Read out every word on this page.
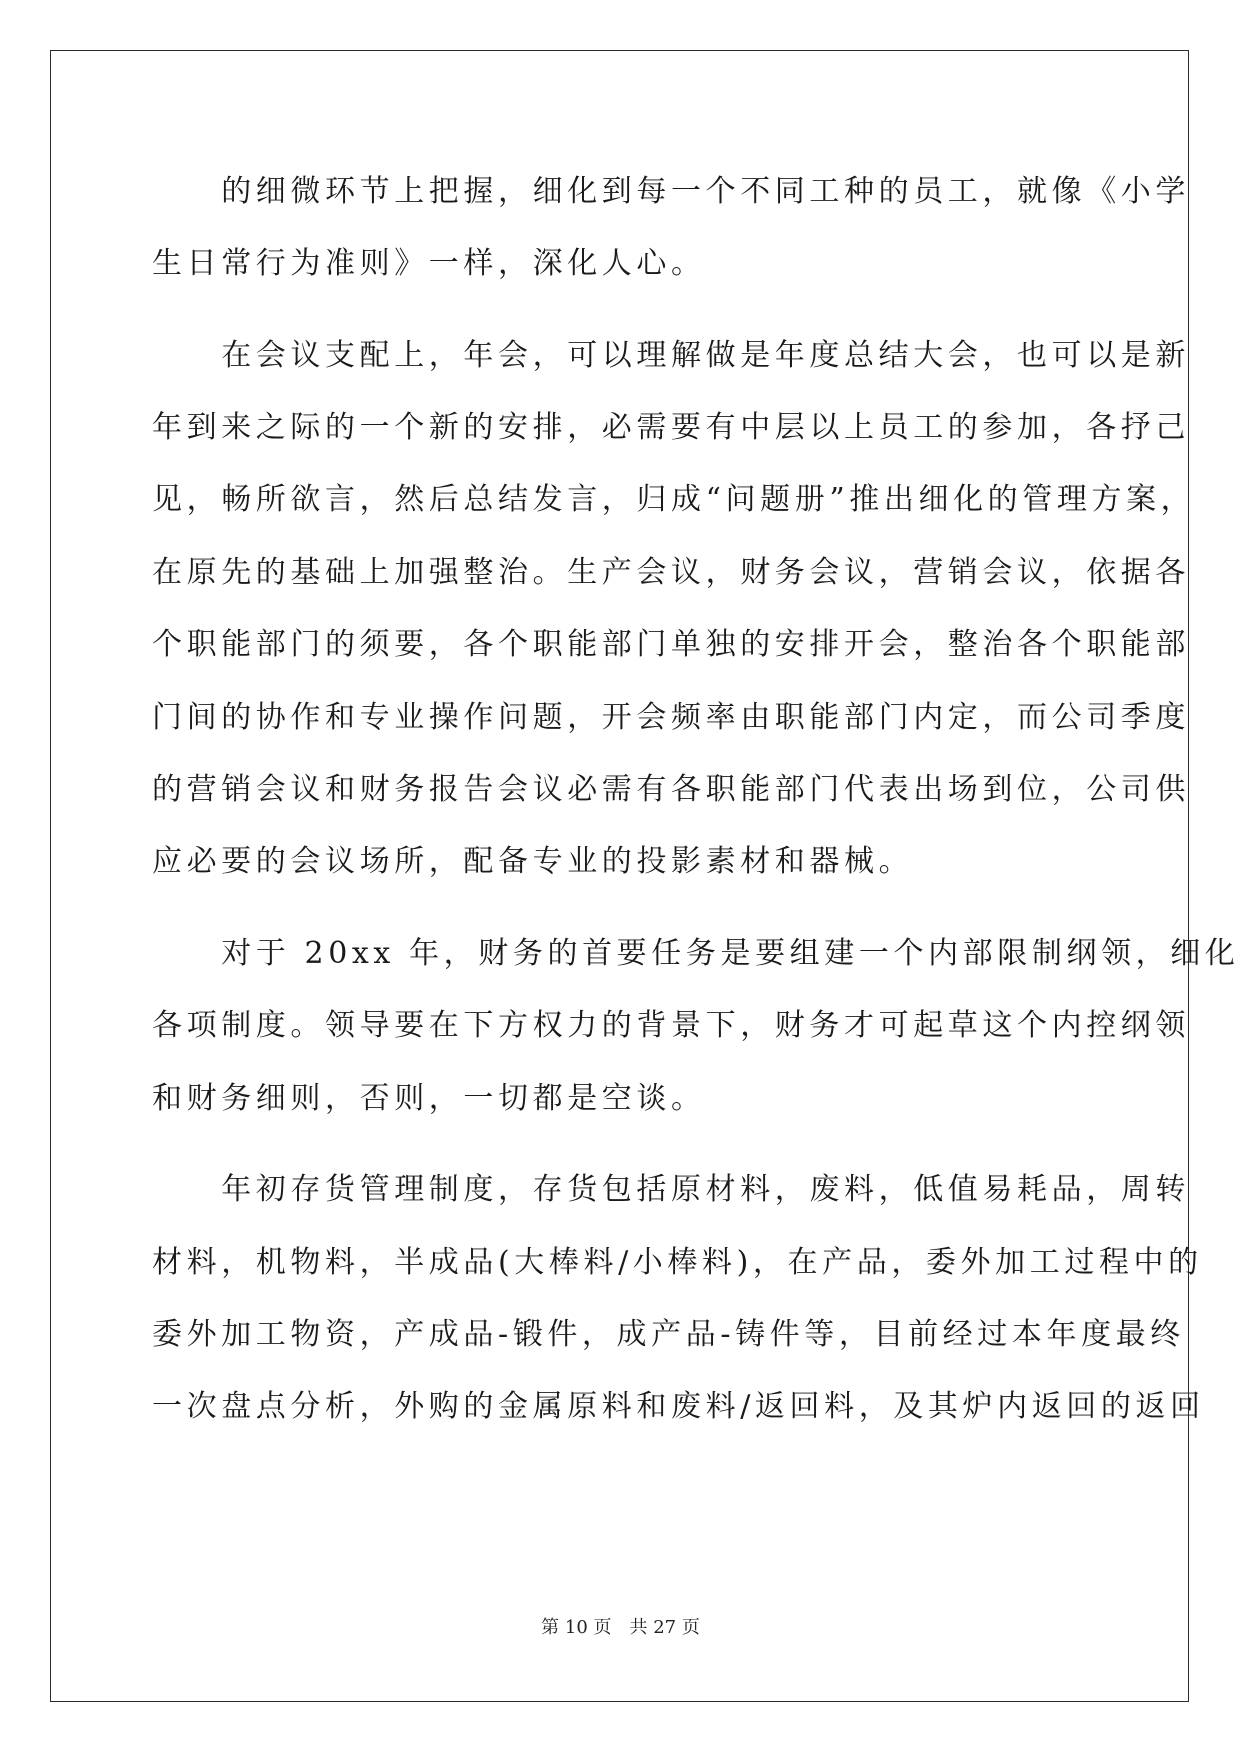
　　的细微环节上把握，细化到每一个不同工种的员工，就像《小学
生日常行为准则》一样，深化人心。
　　在会议支配上，年会，可以理解做是年度总结大会，也可以是新
年到来之际的一个新的安排，必需要有中层以上员工的参加，各抒己
见，畅所欲言，然后总结发言，归成“问题册”推出细化的管理方案，
在原先的基础上加强整治。生产会议，财务会议，营销会议，依据各
个职能部门的须要，各个职能部门单独的安排开会，整治各个职能部
门间的协作和专业操作问题，开会频率由职能部门内定，而公司季度
的营销会议和财务报告会议必需有各职能部门代表出场到位，公司供
应必要的会议场所，配备专业的投影素材和器械。
　　对于 20xx 年，财务的首要任务是要组建一个内部限制纲领，细化
各项制度。领导要在下方权力的背景下，财务才可起草这个内控纲领
和财务细则，否则，一切都是空谈。
　　年初存货管理制度，存货包括原材料，废料，低值易耗品，周转
材料，机物料，半成品(大棒料/小棒料)，在产品，委外加工过程中的
委外加工物资，产成品-锻件，成产品-铸件等，目前经过本年度最终
一次盘点分析，外购的金属原料和废料/返回料，及其炉内返回的返回
第 10 页　共 27 页
